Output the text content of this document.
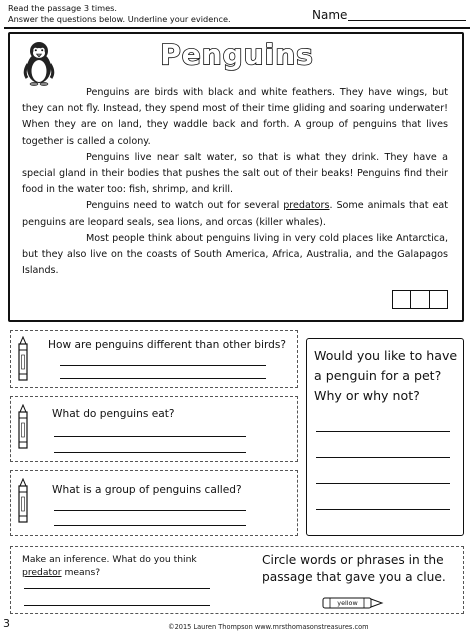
Read the passage 3 times.
Answer the questions below. Underline your evidence.	Name
Penguins
Penguins are birds with black and white feathers. They have wings, but they can not fly. Instead, they spend most of their time gliding and soaring underwater! When they are on land, they waddle back and forth. A group of penguins that lives together is called a colony.
Penguins live near salt water, so that is what they drink. They have a special gland in their bodies that pushes the salt out of their beaks! Penguins find their food in the water too: fish, shrimp, and krill.
Penguins need to watch out for several predators. Some animals that eat penguins are leopard seals, sea lions, and orcas (killer whales).
Most people think about penguins living in very cold places like Antarctica, but they also live on the coasts of South America, Africa, Australia, and the Galapagos Islands.
How are penguins different than other birds?
What do penguins eat?
What is a group of penguins called?
Would you like to have a penguin for a pet? Why or why not?
Make an inference. What do you think
predator means?
Circle words or phrases in the passage that gave you a clue.
yellow
3	©2015 Lauren Thompson www.mrsthomasonstreasures.com
